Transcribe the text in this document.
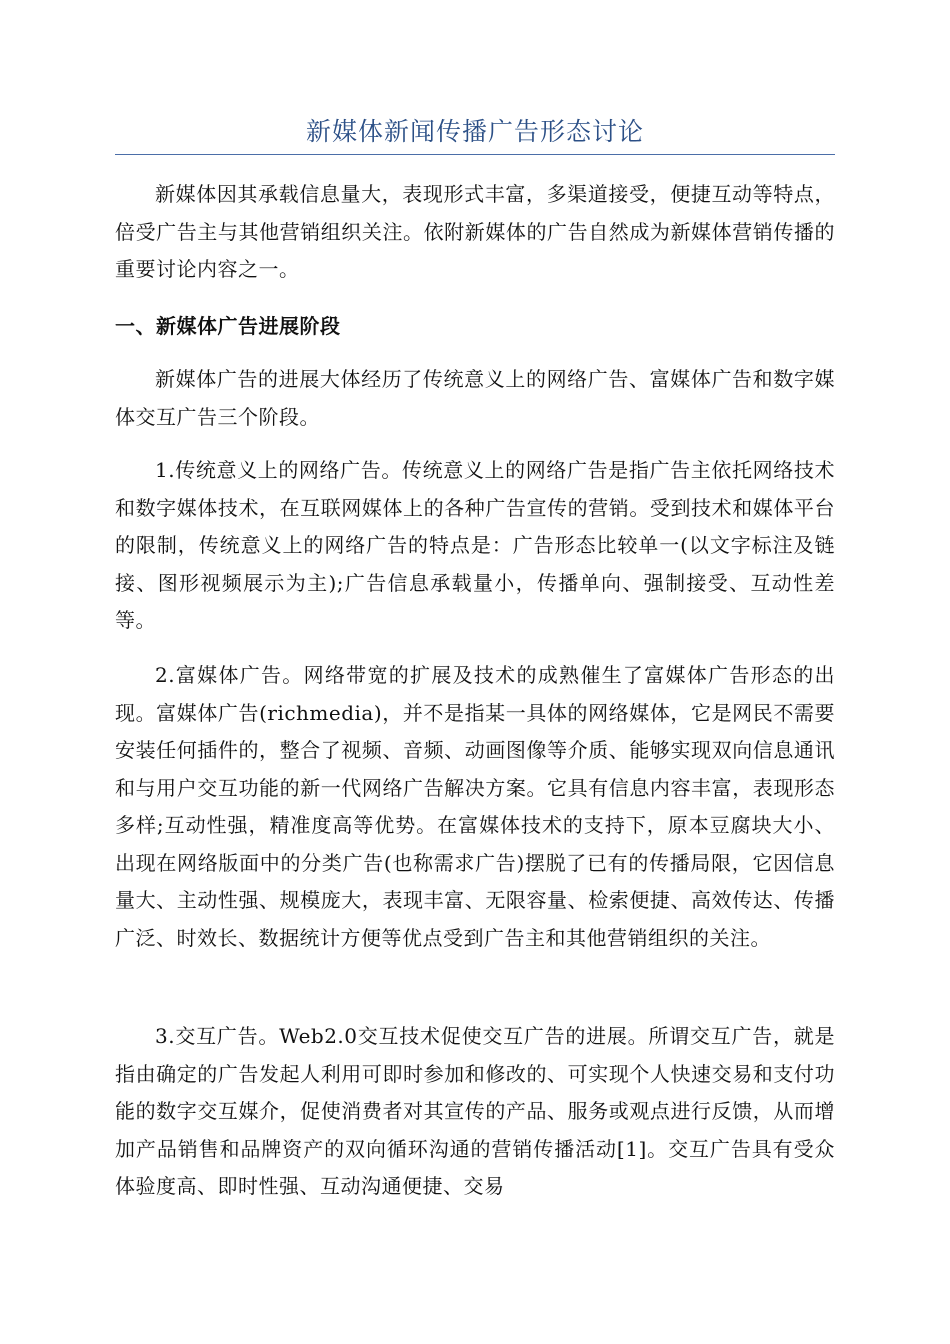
新媒体新闻传播广告形态讨论

新媒体因其承载信息量大，表现形式丰富，多渠道接受，便捷互动等特点，倍受广告主与其他营销组织关注。依附新媒体的广告自然成为新媒体营销传播的重要讨论内容之一。

一、新媒体广告进展阶段

新媒体广告的进展大体经历了传统意义上的网络广告、富媒体广告和数字媒体交互广告三个阶段。

1.传统意义上的网络广告。传统意义上的网络广告是指广告主依托网络技术和数字媒体技术，在互联网媒体上的各种广告宣传的营销。受到技术和媒体平台的限制，传统意义上的网络广告的特点是：广告形态比较单一(以文字标注及链接、图形视频展示为主);广告信息承载量小，传播单向、强制接受、互动性差等。

2.富媒体广告。网络带宽的扩展及技术的成熟催生了富媒体广告形态的出现。富媒体广告(richmedia)，并不是指某一具体的网络媒体，它是网民不需要安装任何插件的，整合了视频、音频、动画图像等介质、能够实现双向信息通讯和与用户交互功能的新一代网络广告解决方案。它具有信息内容丰富，表现形态多样;互动性强，精准度高等优势。在富媒体技术的支持下，原本豆腐块大小、出现在网络版面中的分类广告(也称需求广告)摆脱了已有的传播局限，它因信息量大、主动性强、规模庞大，表现丰富、无限容量、检索便捷、高效传达、传播广泛、时效长、数据统计方便等优点受到广告主和其他营销组织的关注。

3.交互广告。Web2.0交互技术促使交互广告的进展。所谓交互广告，就是指由确定的广告发起人利用可即时参加和修改的、可实现个人快速交易和支付功能的数字交互媒介，促使消费者对其宣传的产品、服务或观点进行反馈，从而增加产品销售和品牌资产的双向循环沟通的营销传播活动[1]。交互广告具有受众体验度高、即时性强、互动沟通便捷、交易
